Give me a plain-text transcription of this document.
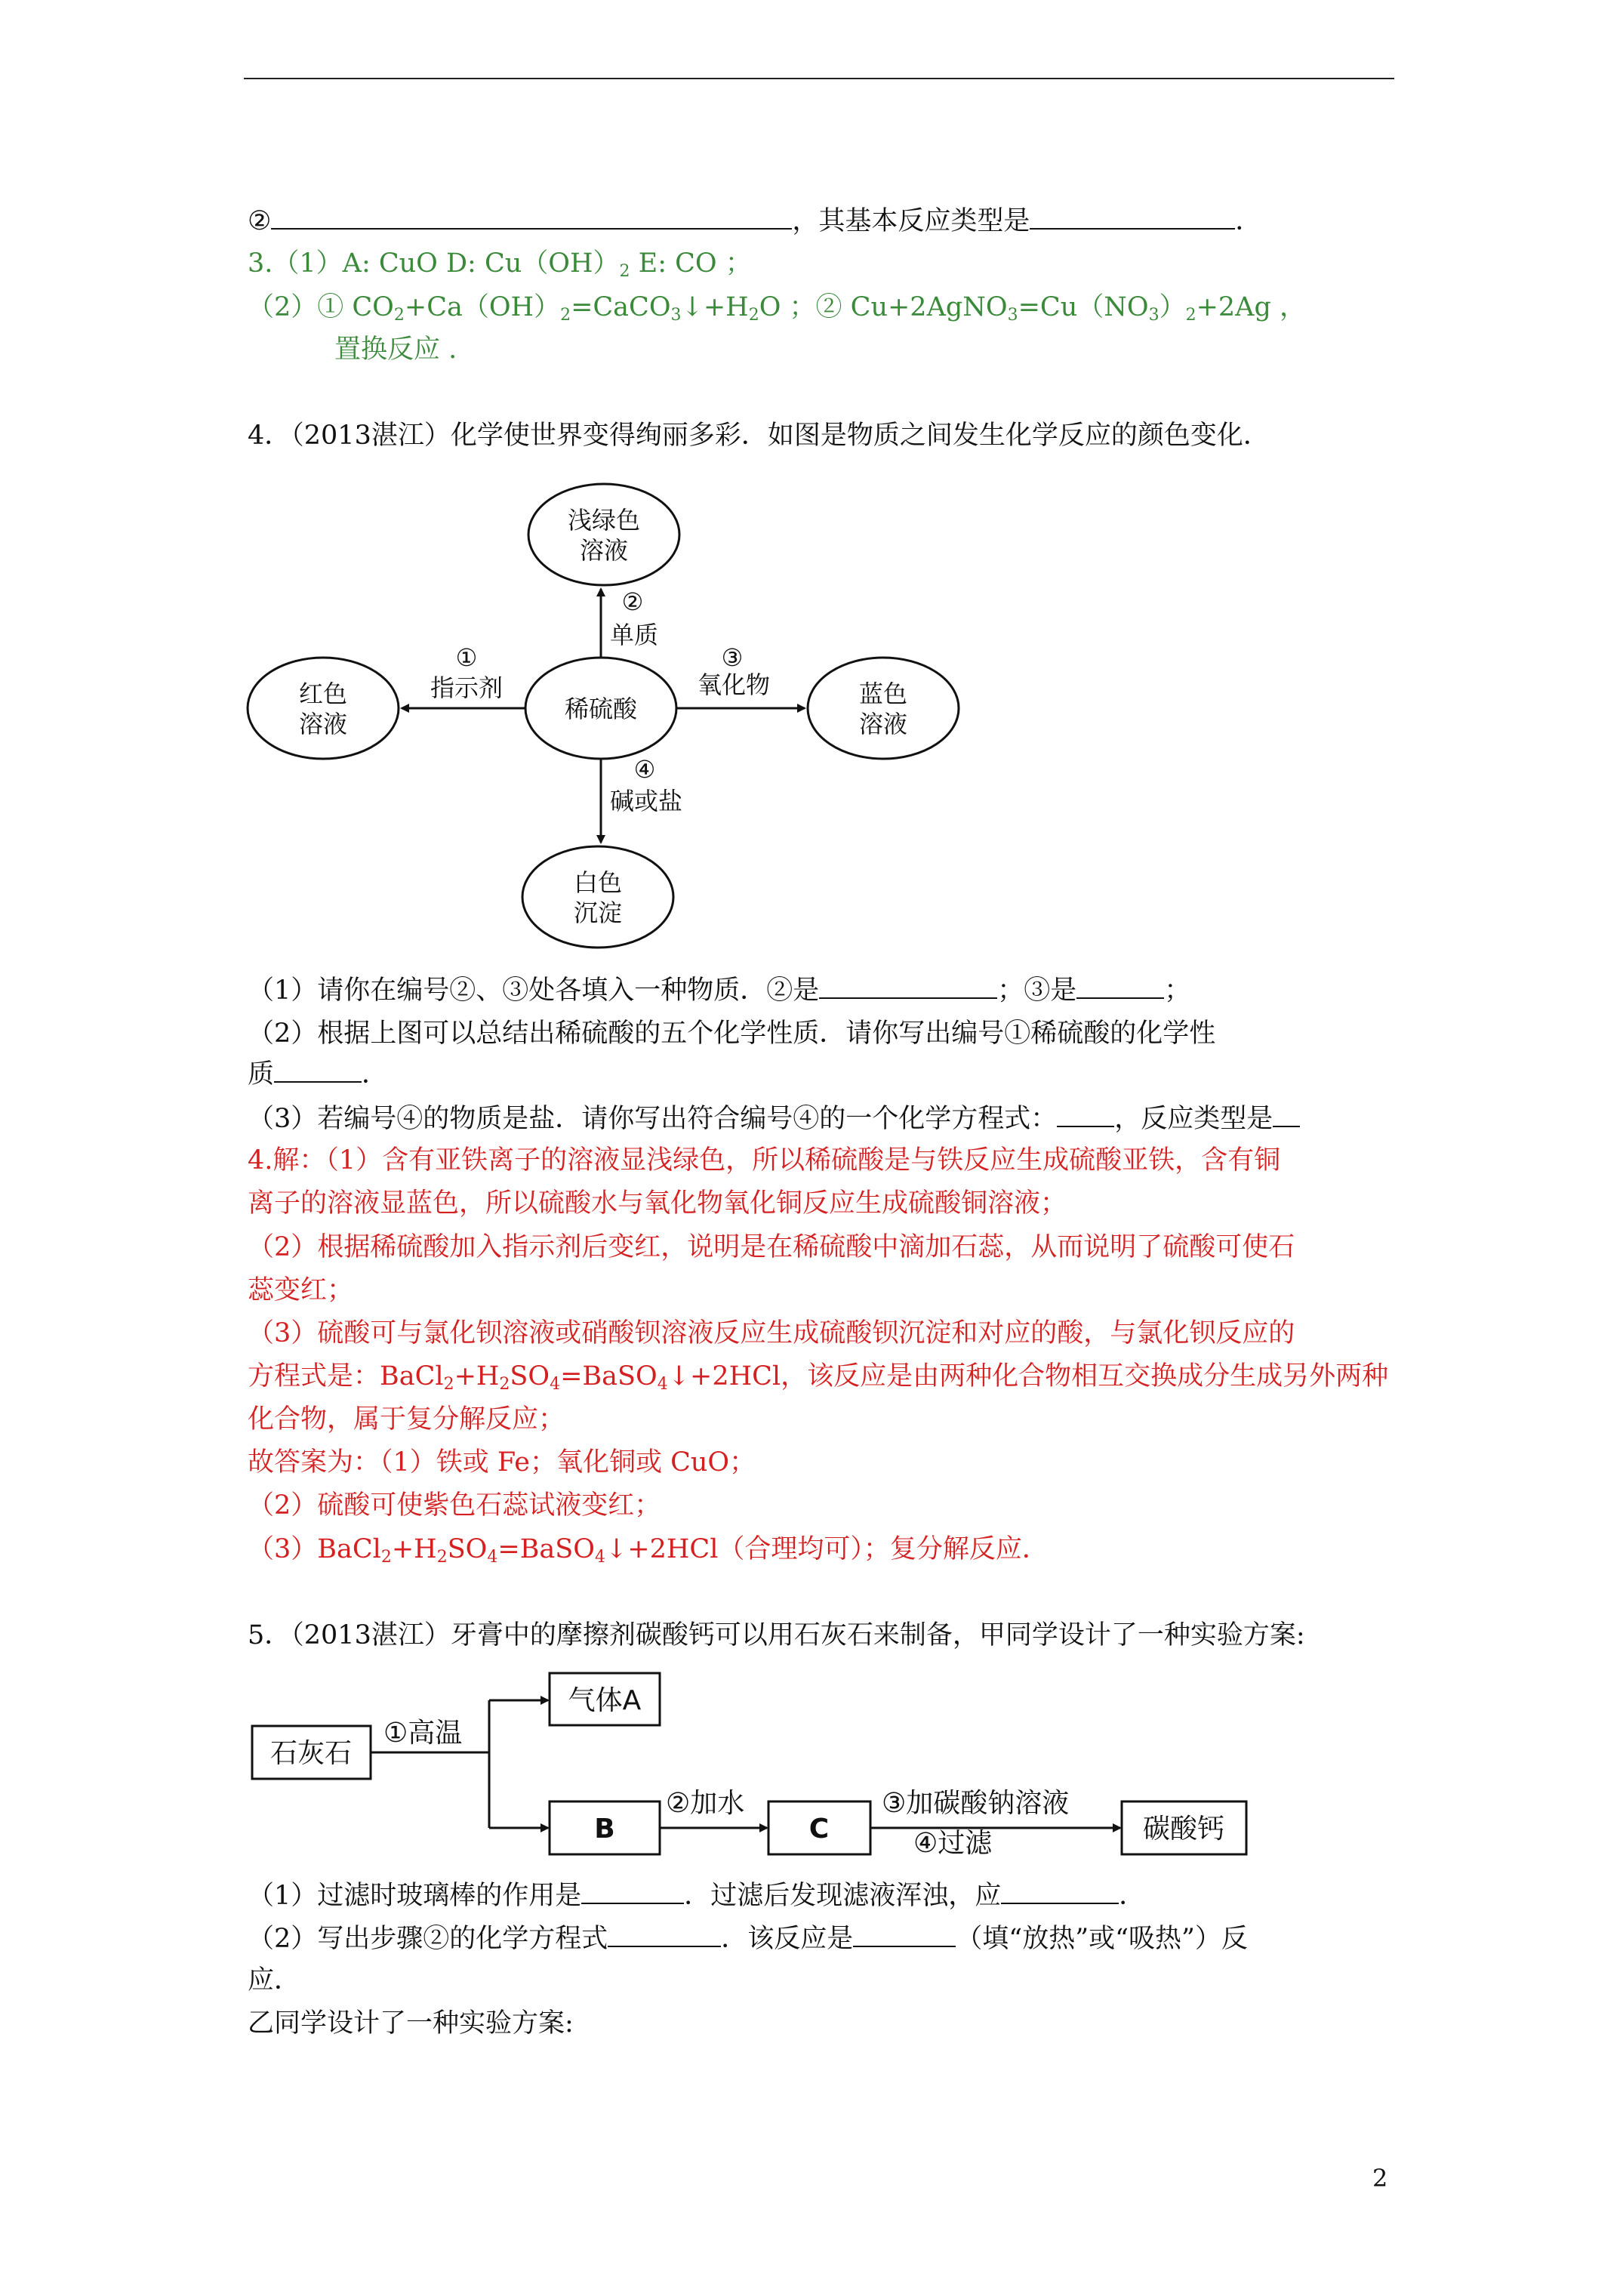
②	，其基本反应类型是	．
3.（1）A: CuO D: $Cu(OH)_2$ E: CO ；
（2）① $CO_2+Ca(OH)_2=CaCO_3↓+H_2O$ ；② $Cu+2AgNO_3=Cu(NO_3)_2+2Ag$ ，
置换反应 .
4．（2013湛江）化学使世界变得绚丽多彩．如图是物质之间发生化学反应的颜色变化．
浅绿色
溶液
红色
溶液
稀硫酸
蓝色
溶液
白色
沉淀
①
指示剂
②
单质
③
氧化物
④
碱或盐
（1）请你在编号②、③处各填入一种物质．②是	；③是	；
（2）根据上图可以总结出稀硫酸的五个化学性质．请你写出编号①稀硫酸的化学性
质	．
（3）若编号④的物质是盐．请你写出符合编号④的一个化学方程式： ，反应类型是
4.解：（1）含有亚铁离子的溶液显浅绿色，所以稀硫酸是与铁反应生成硫酸亚铁，含有铜
离子的溶液显蓝色，所以硫酸水与氧化物氧化铜反应生成硫酸铜溶液；
（2）根据稀硫酸加入指示剂后变红，说明是在稀硫酸中滴加石蕊，从而说明了硫酸可使石
蕊变红；
（3）硫酸可与氯化钡溶液或硝酸钡溶液反应生成硫酸钡沉淀和对应的酸，与氯化钡反应的
方程式是：$BaCl_2+H_2SO_4=BaSO_4↓+2HCl$，该反应是由两种化合物相互交换成分生成另外两种
化合物，属于复分解反应；
故答案为：（1）铁或 Fe；氧化铜或 CuO；
（2）硫酸可使紫色石蕊试液变红；
$(3)BaCl_2+H_2SO_4=BaSO_4↓+2HCl$（合理均可）；复分解反应．
5．（2013湛江）牙膏中的摩擦剂碳酸钙可以用石灰石来制备，甲同学设计了一种实验方案:
石灰石
气体A
B	C	碳酸钙
①高温
②加水	③加碳酸钠溶液
④过滤
（1）过滤时玻璃棒的作用是	．过滤后发现滤液浑浊，应	．
（2）写出步骤②的化学方程式	．该反应是	（填“放热”或“吸热”）反
应．
乙同学设计了一种实验方案:
2
